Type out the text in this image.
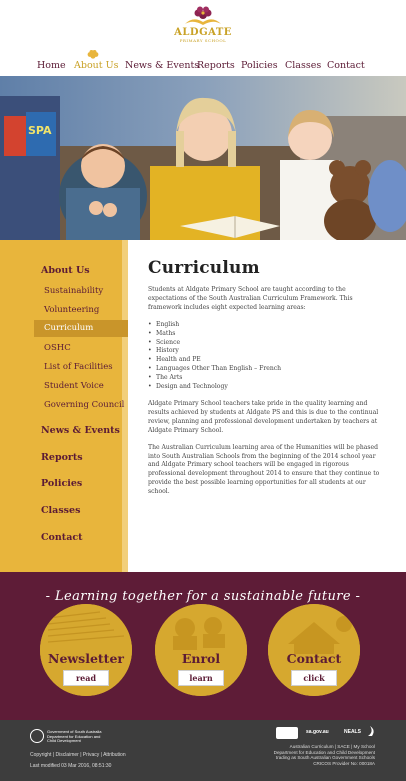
ALDGATE
PRIMARY SCHOOL
Home About Us News & Events
Reports Policies Classes Contact
SPA
About Us
Sustainability
Volunteering
Curriculum
OSHC
List of Facilities
Student Voice
Governing Council
News & Events
Reports
Policies
Classes
Contact
Curriculum

Students at Aldgate Primary School are taught according to the expectations of the South Australian Curriculum Framework. This framework includes eight expected learning areas:

• English
• Maths
• Science
• History
• Health and PE
• Languages Other Than English – French
• The Arts
• Design and Technology

Aldgate Primary School teachers take pride in the quality learning and results achieved by students at Aldgate PS and this is due to the continual review, planning and professional development undertaken by teachers at Aldgate Primary School.

The Australian Curriculum learning area of the Humanities will be phased into South Australian Schools from the beginning of the 2014 school year and Aldgate Primary school teachers will be engaged in rigorous professional development throughout 2014 to ensure that they continue to provide the best possible learning opportunities for all students at our school.

- Learning together for a sustainable future -
Newsletter
read
Enrol
learn
Contact
click
Government of South Australia
Department for Education and
Child Development
Copyright | Disclaimer | Privacy | Attribution
Last modified 03 Mar 2016, 08:51:30
sa.gov.au	NEALS
Australian Curriculum | SACE | My School
Department for Education and Child Development
trading as South Australian Government Schools
CRICOS Provider No: 00018A
